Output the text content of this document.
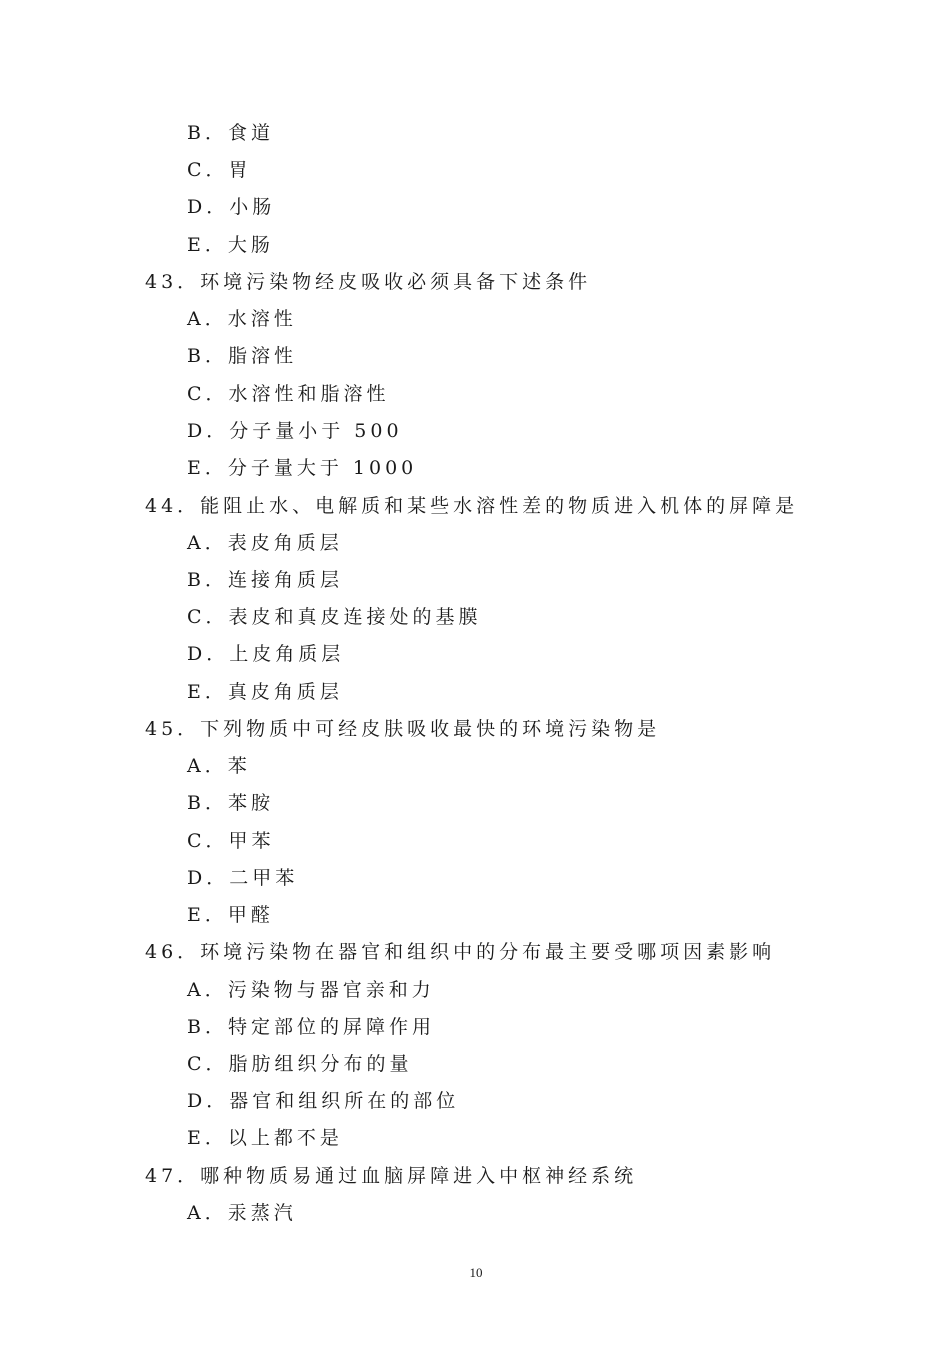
B．食道
C．胃
D．小肠
E．大肠
43．环境污染物经皮吸收必须具备下述条件
A．水溶性
B．脂溶性
C．水溶性和脂溶性
D．分子量小于 500
E．分子量大于 1000
44．能阻止水、电解质和某些水溶性差的物质进入机体的屏障是
A．表皮角质层
B．连接角质层
C．表皮和真皮连接处的基膜
D．上皮角质层
E．真皮角质层
45．下列物质中可经皮肤吸收最快的环境污染物是
A．苯
B．苯胺
C．甲苯
D．二甲苯
E．甲醛
46．环境污染物在器官和组织中的分布最主要受哪项因素影响
A．污染物与器官亲和力
B．特定部位的屏障作用
C．脂肪组织分布的量
D．器官和组织所在的部位
E．以上都不是
47．哪种物质易通过血脑屏障进入中枢神经系统
A．汞蒸汽
10
